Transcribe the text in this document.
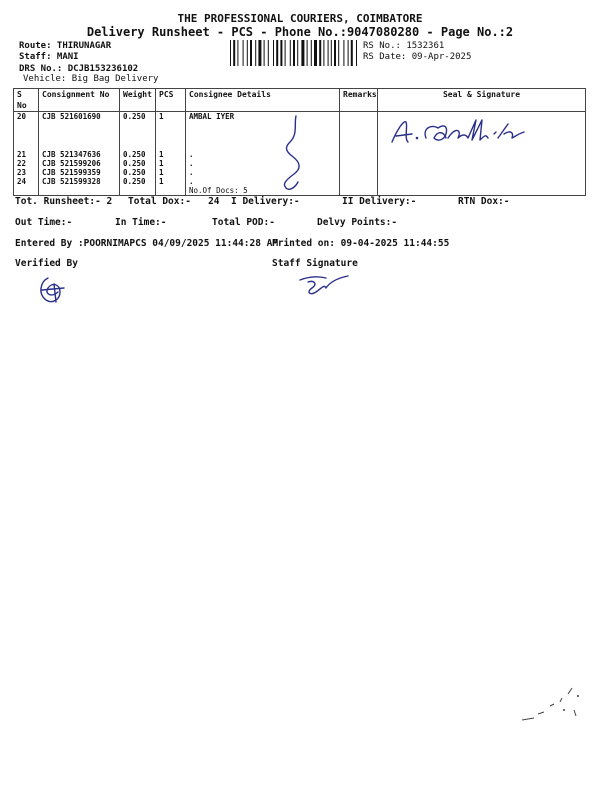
THE PROFESSIONAL COURIERS, COIMBATORE
Delivery Runsheet - PCS - Phone No.:9047080280 - Page No.:2
Route: THIRUNAGAR
Staff: MANI
DRS No.: DCJB153236102
Vehicle: Big Bag Delivery
RS No.: 1532361
RS Date: 09-Apr-2025
S No	Consignment No	Weight	PCS	Consignee Details	Remarks	Seal & Signature
20	CJB 521601690	0.250	1	AMBAL IYER		

21	CJB 521347636	0.250	1	.		
22	CJB 521599206	0.250	1	.		
23	CJB 521599359	0.250	1	.		
24	CJB 521599328	0.250	1	.		
				No.Of Docs: 5		
Tot. Runsheet:- 2 Total Dox:-   24 I Delivery:-	II Delivery:-	RTN Dox:-
Out Time:-	In Time:-	Total POD:-	Delvy Points:-
Entered By :POORNIMAPCS 04/09/2025 11:44:28 AM
Printed on: 09-04-2025 11:44:55
Verified By	Staff Signature
